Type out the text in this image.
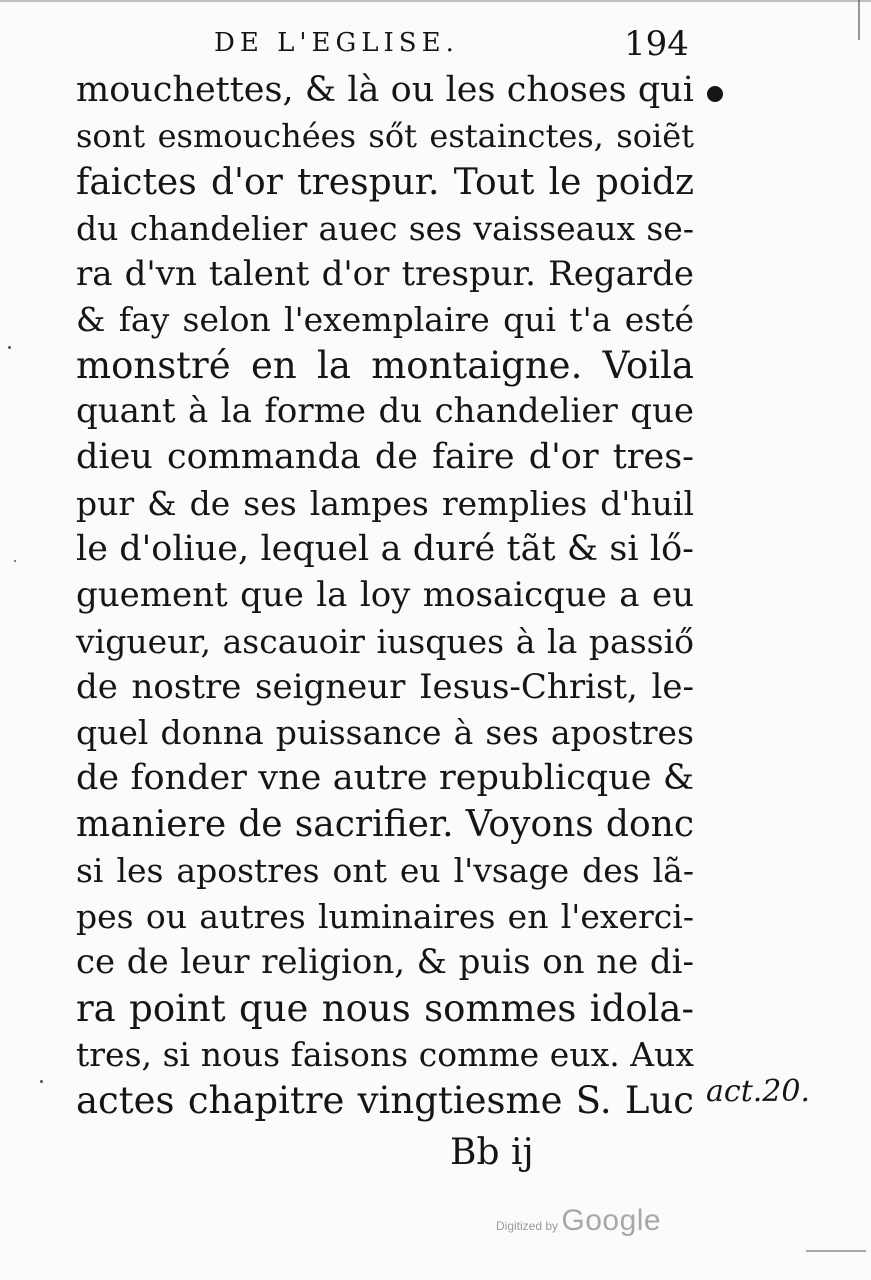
DE L'EGLISE.	194
mouchettes, & là ou les choses qui
sont esmouchées sőt estainctes, soiẽt
faictes d'or trespur. Tout le poidz
du chandelier auec ses vaisseaux se-
ra d'vn talent d'or trespur. Regarde
& fay selon l'exemplaire qui t'a esté
monstré en la montaigne. Voila
quant à la forme du chandelier que
dieu commanda de faire d'or tres-
pur & de ses lampes remplies d'huil
le d'oliue, lequel a duré tãt & si lő-
guement que la loy mosaicque a eu
vigueur, ascauoir iusques à la passiő
de nostre seigneur Iesus-Christ, le-
quel donna puissance à ses apostres
de fonder vne autre republicque &
maniere de sacrifier. Voyons donc
si les apostres ont eu l'vsage des lã-
pes ou autres luminaires en l'exerci-
ce de leur religion, & puis on ne di-
ra point que nous sommes idola-
tres, si nous faisons comme eux. Aux
actes chapitre vingtiesme S. Luc act.20.
Bb ij
Digitized by Google
